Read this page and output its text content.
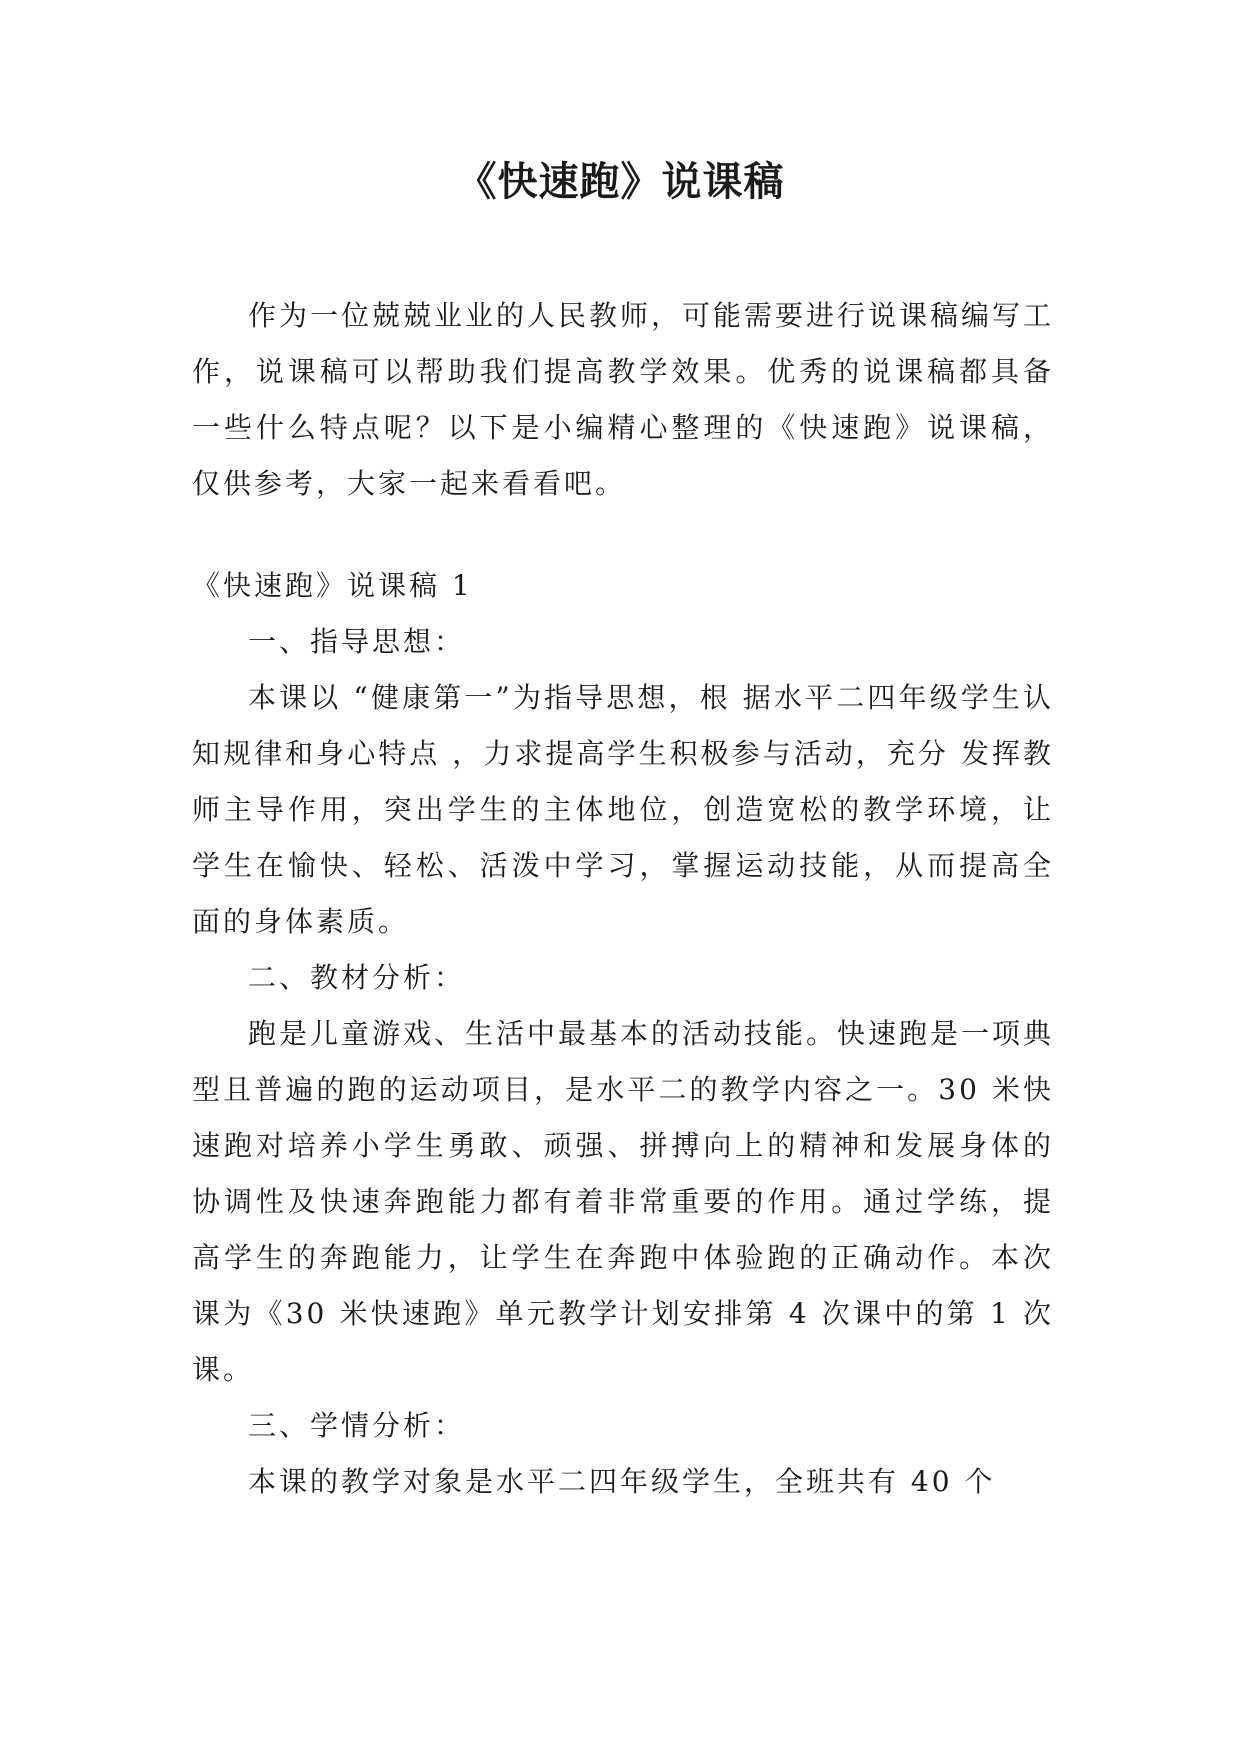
《快速跑》说课稿

作为一位兢兢业业的人民教师，可能需要进行说课稿编写工作，说课稿可以帮助我们提高教学效果。优秀的说课稿都具备一些什么特点呢？以下是小编精心整理的《快速跑》说课稿，仅供参考，大家一起来看看吧。

《快速跑》说课稿 1

一、指导思想：

本课以 “健康第一”为指导思想，根 据水平二四年级学生认知规律和身心特点 ，力求提高学生积极参与活动，充分 发挥教师主导作用，突出学生的主体地位，创造宽松的教学环境，让学生在愉快、轻松、活泼中学习，掌握运动技能，从而提高全面的身体素质。

二、教材分析：

跑是儿童游戏、生活中最基本的活动技能。快速跑是一项典型且普遍的跑的运动项目，是水平二的教学内容之一。30 米快速跑对培养小学生勇敢、顽强、拼搏向上的精神和发展身体的协调性及快速奔跑能力都有着非常重要的作用。通过学练，提高学生的奔跑能力，让学生在奔跑中体验跑的正确动作。本次课为《30 米快速跑》单元教学计划安排第 4 次课中的第 1 次课。

三、学情分析：

本课的教学对象是水平二四年级学生，全班共有 40 个
